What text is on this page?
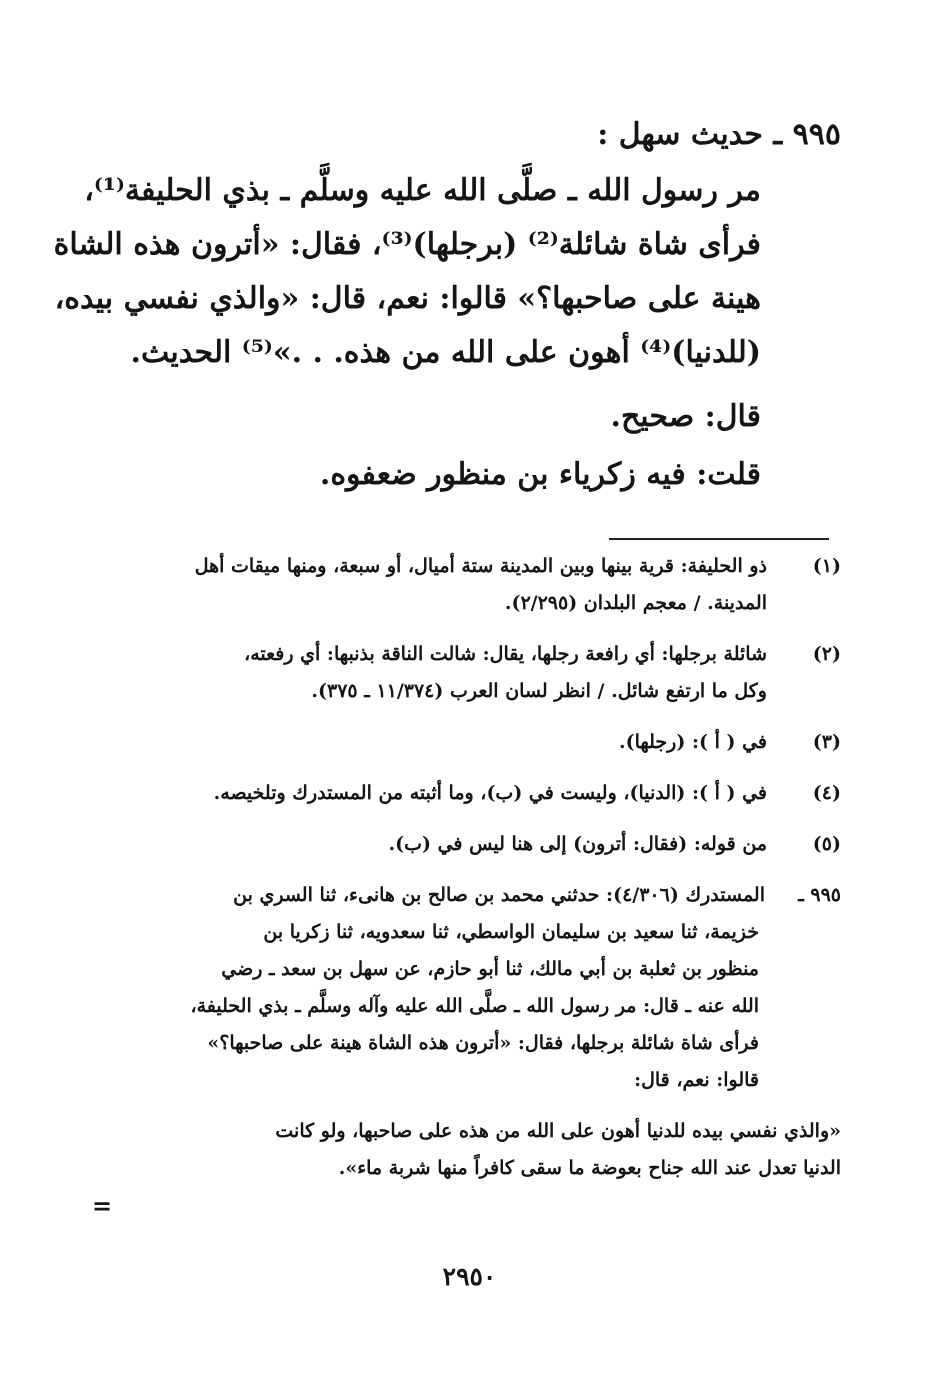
٩٩٥ ـ حديث سهل :
مر رسول الله ـ صلَّى الله عليه وسلَّم ـ بذي الحليفة⁽¹⁾،
فرأى شاة شائلة⁽²⁾ (برجلها)⁽³⁾، فقال: «أترون هذه الشاة
هينة على صاحبها؟» قالوا: نعم، قال: «والذي نفسي بيده،
(للدنيا)⁽⁴⁾ أهون على الله من هذه. . .»⁽⁵⁾ الحديث.
قال: صحيح.
قلت: فيه زكرياء بن منظور ضعفوه.
(١)
ذو الحليفة: قرية بينها وبين المدينة ستة أميال، أو سبعة، ومنها ميقات أهل
المدينة. / معجم البلدان (٢/٢٩٥).
(٢)
شائلة برجلها: أي رافعة رجلها، يقال: شالت الناقة بذنبها: أي رفعته،
وكل ما ارتفع شائل. / انظر لسان العرب (١١/٣٧٤ ـ ٣٧٥).
(٣)
في ( أ ): (رجلها).
(٤)
في ( أ ): (الدنيا)، وليست في (ب)، وما أثبته من المستدرك وتلخيصه.
(٥)
من قوله: (فقال: أترون) إلى هنا ليس في (ب).
٩٩٥ ـالمستدرك (٤/٣٠٦): حدثني محمد بن صالح بن هانىء، ثنا السري بن
خزيمة، ثنا سعيد بن سليمان الواسطي، ثنا سعدويه، ثنا زكريا بن
منظور بن ثعلبة بن أبي مالك، ثنا أبو حازم، عن سهل بن سعد ـ رضي
الله عنه ـ قال: مر رسول الله ـ صلَّى الله عليه وآله وسلَّم ـ بذي الحليفة،
فرأى شاة شائلة برجلها، فقال: «أترون هذه الشاة هينة على صاحبها؟»
قالوا: نعم، قال:
«والذي نفسي بيده للدنيا أهون على الله من هذه على صاحبها، ولو كانت
الدنيا تعدل عند الله جناح بعوضة ما سقى كافراً منها شربة ماء».
=
٢٩٥٠
